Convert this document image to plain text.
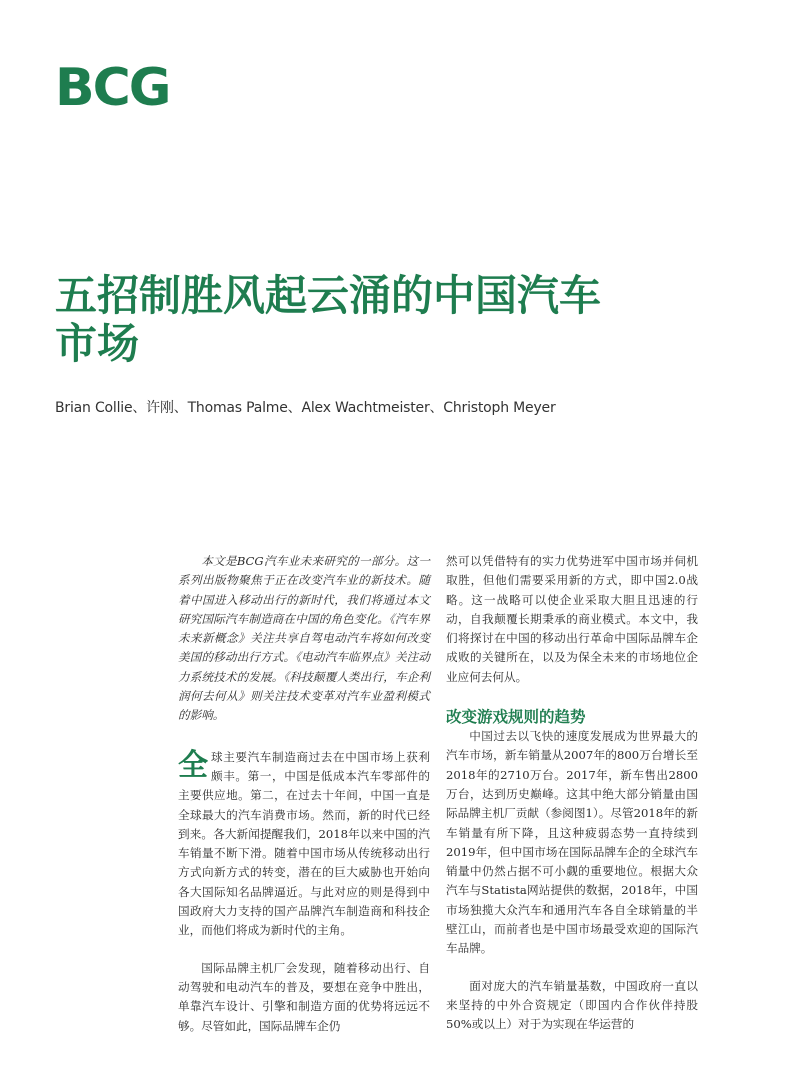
BCG
五招制胜风起云涌的中国汽车
市场
Brian Collie、许刚、Thomas Palme、Alex Wachtmeister、Christoph Meyer

本文是BCG汽车业未来研究的一部分。这一系列出版物聚焦于正在改变汽车业的新技术。随着中国进入移动出行的新时代，我们将通过本文研究国际汽车制造商在中国的角色变化。《汽车界未来新概念》关注共享自驾电动汽车将如何改变美国的移动出行方式。《电动汽车临界点》关注动力系统技术的发展。《科技颠覆人类出行，车企利润何去何从》则关注技术变革对汽车业盈利模式的影响。

全球主要汽车制造商过去在中国市场上获利颇丰。第一，中国是低成本汽车零部件的主要供应地。第二，在过去十年间，中国一直是全球最大的汽车消费市场。然而，新的时代已经到来。各大新闻提醒我们，2018年以来中国的汽车销量不断下滑。随着中国市场从传统移动出行方式向新方式的转变，潜在的巨大威胁也开始向各大国际知名品牌逼近。与此对应的则是得到中国政府大力支持的国产品牌汽车制造商和科技企业，而他们将成为新时代的主角。

国际品牌主机厂会发现，随着移动出行、自动驾驶和电动汽车的普及，要想在竞争中胜出，单靠汽车设计、引擎和制造方面的优势将远远不够。尽管如此，国际品牌车企仍

然可以凭借特有的实力优势进军中国市场并伺机取胜，但他们需要采用新的方式，即中国2.0战略。这一战略可以使企业采取大胆且迅速的行动，自我颠覆长期秉承的商业模式。本文中，我们将探讨在中国的移动出行革命中国际品牌车企成败的关键所在，以及为保全未来的市场地位企业应何去何从。

改变游戏规则的趋势

中国过去以飞快的速度发展成为世界最大的汽车市场，新车销量从2007年的800万台增长至2018年的2710万台。2017年，新车售出2800万台，达到历史巅峰。这其中绝大部分销量由国际品牌主机厂贡献（参阅图1）。尽管2018年的新车销量有所下降，且这种疲弱态势一直持续到2019年，但中国市场在国际品牌车企的全球汽车销量中仍然占据不可小觑的重要地位。根据大众汽车与Statista网站提供的数据，2018年，中国市场独揽大众汽车和通用汽车各自全球销量的半壁江山，而前者也是中国市场最受欢迎的国际汽车品牌。

面对庞大的汽车销量基数，中国政府一直以来坚持的中外合资规定（即国内合作伙伴持股50%或以上）对于为实现在华运营的
